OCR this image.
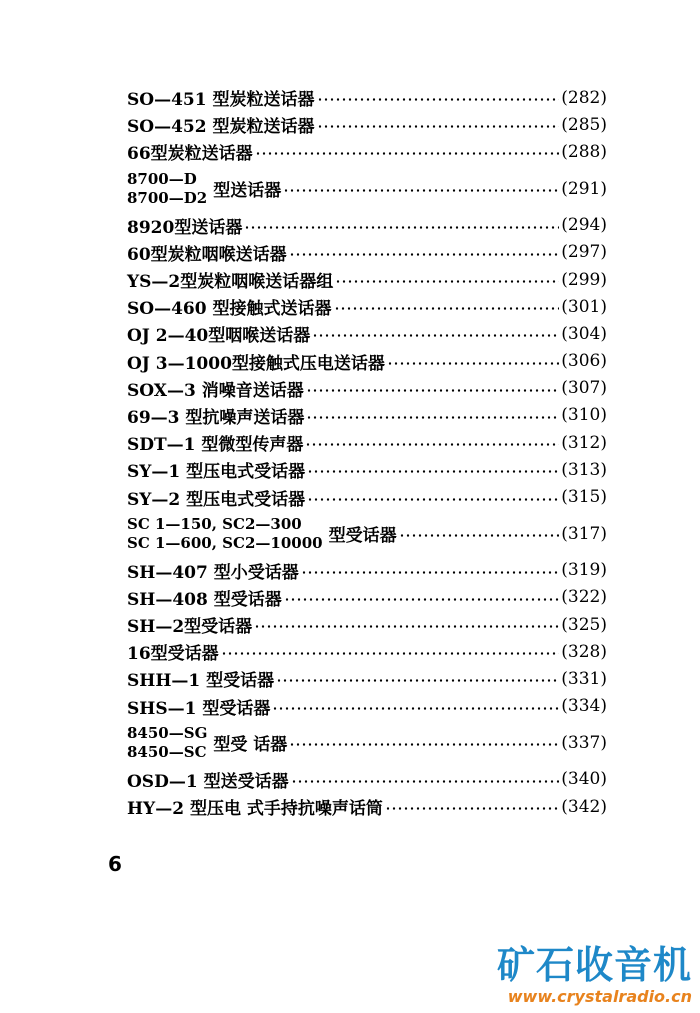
SO—451 型炭粒送话器	(282)
SO—452 型炭粒送话器	(285)
66型炭粒送话器	(288)
8700—D
8700—D2 型送话器	(291)
8920型送话器	(294)
60型炭粒咽喉送话器	(297)
YS—2型炭粒咽喉送话器组	(299)
SO—460 型接触式送话器	(301)
OJ 2—40型咽喉送话器	(304)
OJ 3—1000型接触式压电送话器	(306)
SOX—3 消噪音送话器	(307)
69—3 型抗噪声送话器	(310)
SDT—1 型微型传声器	(312)
SY—1 型压电式受话器	(313)
SY—2 型压电式受话器	(315)
SC 1—150, SC2—300
SC 1—600, SC2—10000 型受话器	(317)
SH—407 型小受话器	(319)
SH—408 型受话器	(322)
SH—2型受话器	(325)
16型受话器	(328)
SHH—1 型受话器	(331)
SHS—1 型受话器	(334)
8450—SG
8450—SC 型受 话器	(337)
OSD—1 型送受话器	(340)
HY—2 型压电 式手持抗噪声话筒	(342)
6
矿石收音机
www.crystalradio.cn
